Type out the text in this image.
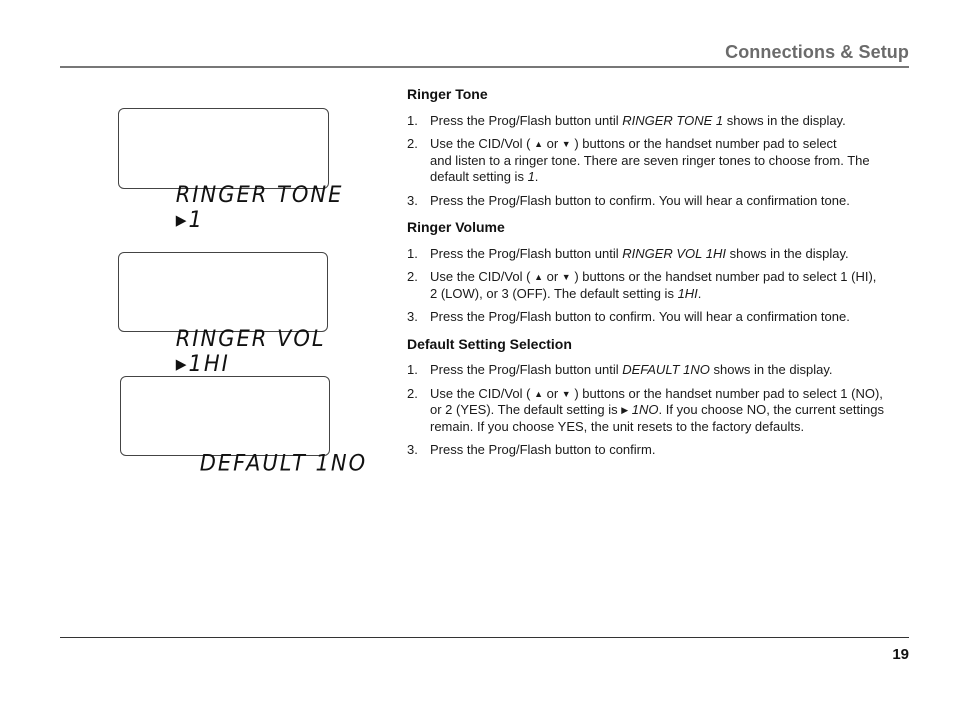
Connections & Setup

RINGER TONE
▶1

RINGER VOL
▶1HI

DEFAULT 1NO

Ringer Tone
1. Press the Prog/Flash button until RINGER TONE 1 shows in the display.
2. Use the CID/Vol ( ▲ or ▼ ) buttons or the handset number pad to select
and listen to a ringer tone. There are seven ringer tones to choose from. The
default setting is 1.
3. Press the Prog/Flash button to confirm. You will hear a confirmation tone.
Ringer Volume
1. Press the Prog/Flash button until RINGER VOL 1HI shows in the display.
2. Use the CID/Vol ( ▲ or ▼ ) buttons or the handset number pad to select 1 (HI),
2 (LOW), or 3 (OFF). The default setting is 1HI.
3. Press the Prog/Flash button to confirm. You will hear a confirmation tone.
Default Setting Selection
1. Press the Prog/Flash button until DEFAULT 1NO shows in the display.
2. Use the CID/Vol ( ▲ or ▼ ) buttons or the handset number pad to select 1 (NO),
or 2 (YES). The default setting is ▶ 1NO. If you choose NO, the current settings
remain. If you choose YES, the unit resets to the factory defaults.
3. Press the Prog/Flash button to confirm.
19
